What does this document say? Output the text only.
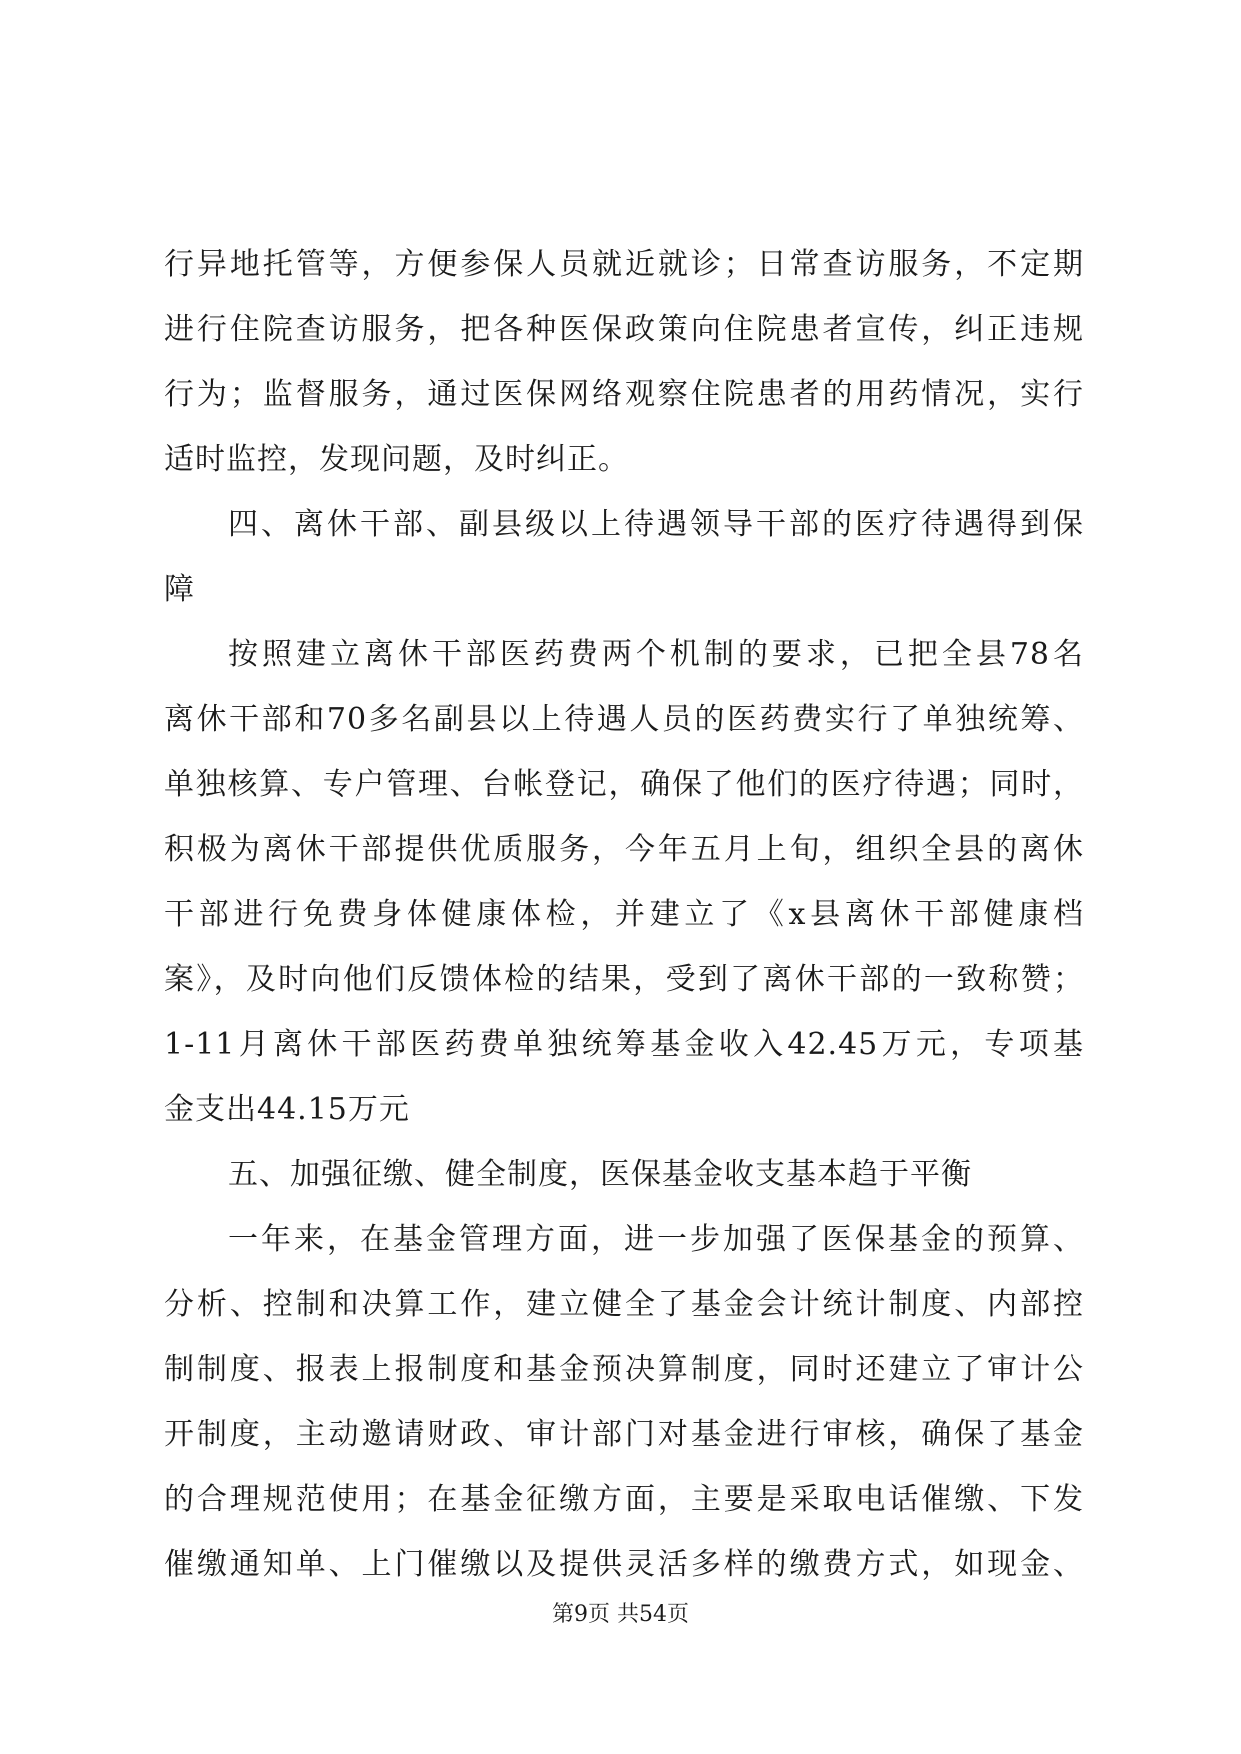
行异地托管等，方便参保人员就近就诊；日常查访服务，不定期
进行住院查访服务，把各种医保政策向住院患者宣传，纠正违规
行为；监督服务，通过医保网络观察住院患者的用药情况，实行
适时监控，发现问题，及时纠正。
四、离休干部、副县级以上待遇领导干部的医疗待遇得到保
障
按照建立离休干部医药费两个机制的要求，已把全县78名
离休干部和70多名副县以上待遇人员的医药费实行了单独统筹、
单独核算、专户管理、台帐登记，确保了他们的医疗待遇；同时，
积极为离休干部提供优质服务，今年五月上旬，组织全县的离休
干部进行免费身体健康体检，并建立了《x县离休干部健康档
案》，及时向他们反馈体检的结果，受到了离休干部的一致称赞；
1-11月离休干部医药费单独统筹基金收入42.45万元，专项基
金支出44.15万元
五、加强征缴、健全制度，医保基金收支基本趋于平衡
一年来，在基金管理方面，进一步加强了医保基金的预算、
分析、控制和决算工作，建立健全了基金会计统计制度、内部控
制制度、报表上报制度和基金预决算制度，同时还建立了审计公
开制度，主动邀请财政、审计部门对基金进行审核，确保了基金
的合理规范使用；在基金征缴方面，主要是采取电话催缴、下发
催缴通知单、上门催缴以及提供灵活多样的缴费方式，如现金、
第9页 共54页
